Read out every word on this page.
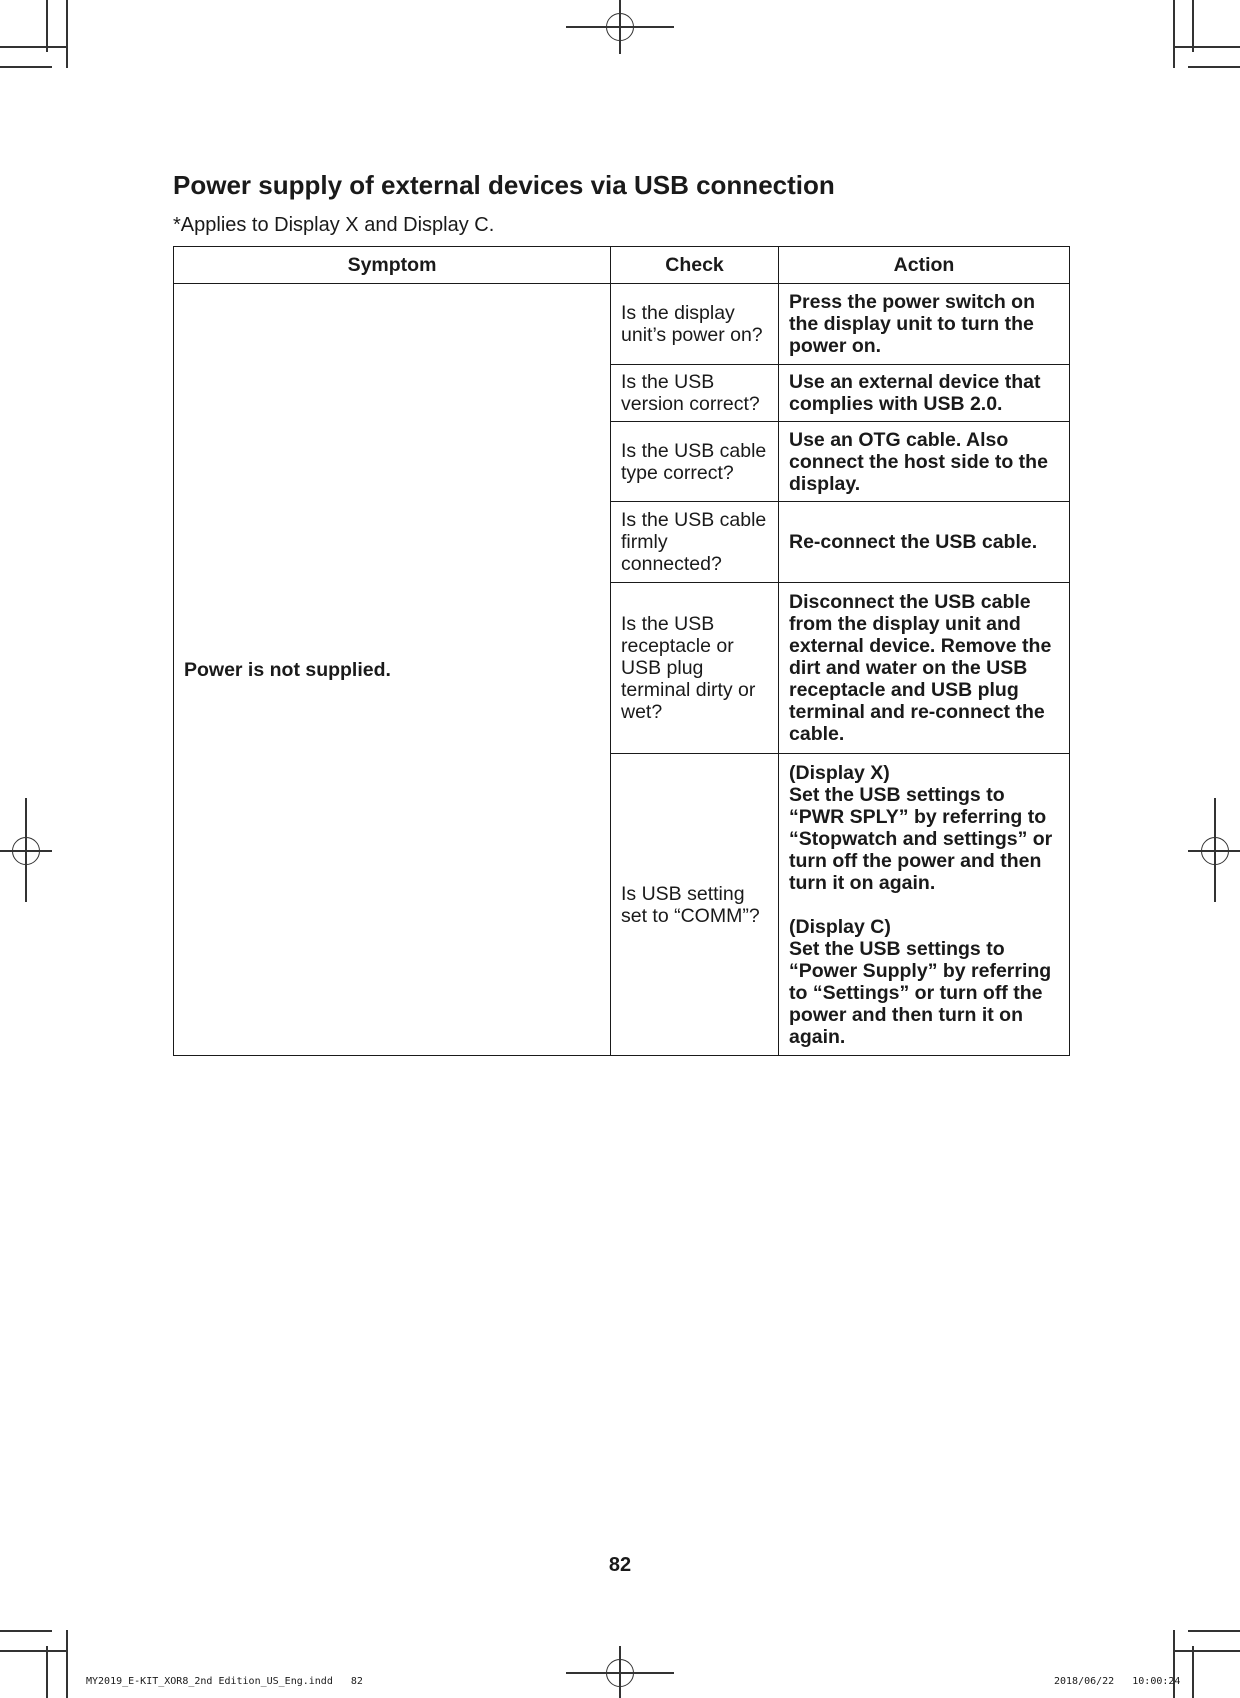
Power supply of external devices via USB connection

*Applies to Display X and Display C.

Symptom	Check	Action
Power is not supplied.	Is the display unit’s power on?	Press the power switch on the display unit to turn the power on.
	Is the USB version correct?	Use an external device that complies with USB 2.0.
	Is the USB cable type correct?	Use an OTG cable. Also connect the host side to the display.
	Is the USB cable firmly connected?	Re-connect the USB cable.
	Is the USB receptacle or USB plug terminal dirty or wet?	Disconnect the USB cable from the display unit and external device. Remove the dirt and water on the USB receptacle and USB plug terminal and re-connect the cable.
	Is USB setting set to “COMM”?	(Display X)
Set the USB settings to “PWR SPLY” by referring to “Stopwatch and settings” or turn off the power and then turn it on again.
(Display C)
Set the USB settings to “Power Supply” by referring to “Settings” or turn off the power and then turn it on again.
82
MY2019_E-KIT_XOR8_2nd Edition_US_Eng.indd   82	2018/06/22   10:00:24
